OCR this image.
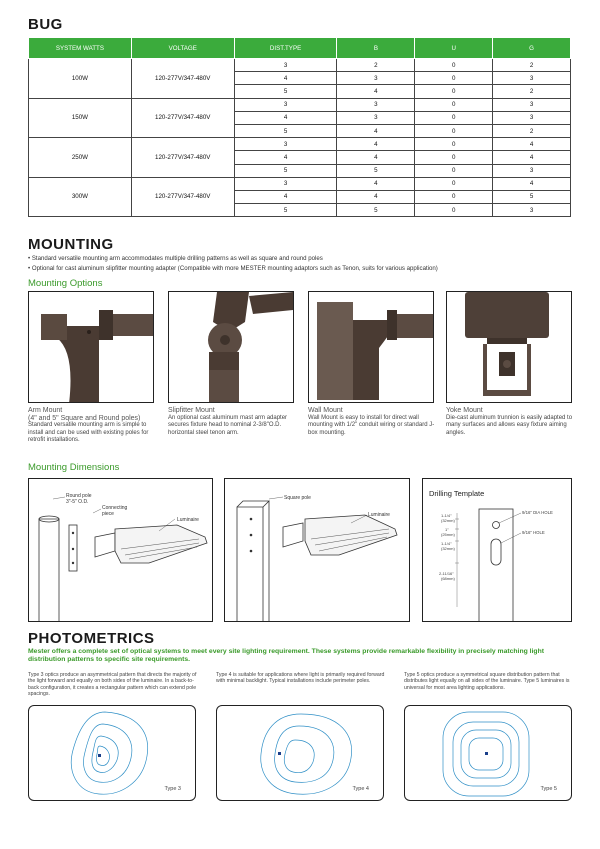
BUG
SYSTEM WATTS	VOLTAGE	DIST.TYPE	B	U	G
100W	120-277V/347-480V	3	2	0	2
		4	3	0	3
		5	4	0	2
150W	120-277V/347-480V	3	3	0	3
		4	3	0	3
		5	4	0	2
250W	120-277V/347-480V	3	4	0	4
		4	4	0	4
		5	5	0	3
300W	120-277V/347-480V	3	4	0	4
		4	4	0	5
		5	5	0	3
MOUNTING
• Standard versatile mounting arm accommodates multiple drilling patterns as well as square and round poles
• Optional for cast aluminum slipfitter mounting adapter (Compatible with more MESTER mounting adaptors such as Tenon, suits for various application)
Mounting Options
Arm Mount
(4" and 5" Square and Round poles)
Standard versatile mounting arm is simple to install and can be used with existing poles for retrofit installations.
Slipfitter Mount
An optional cast aluminum mast arm adapter secures fixture head to nominal 2-3/8"O.D. horizontal steel tenon arm.
Wall Mount
Wall Mount is easy to install for direct wall mounting with 1/2" conduit wiring or standard J-box mounting.
Yoke Mount
Die-cast aluminum trunnion is easily adapted to many surfaces and allows easy fixture aiming angles.
Mounting Dimensions
Round pole
3"-5" O.D.
Connecting
piece
Luminaire
Square pole
Luminaire
Drilling Template
1-1/4"
(32mm)
1"
(25mm)
1-1/4"
(32mm)
2-11/16"
(68mm)
9/16" DIA HOLE
9/16" HOLE
PHOTOMETRICS
Mester offers a complete set of optical systems to meet every site lighting requirement. These systems provide remarkable flexibility in precisely matching light distribution patterns to specific site requirements.
Type 3 optics produce an asymmetrical pattern that directs the majority of the light forward and equally on both sides of the luminaire. In a back-to-back configuration, it creates a rectangular pattern which can extend pole spacings.
Type 4 is suitable for applications where light is primarily required forward with minimal backlight. Typical installations include perimeter poles.
Type 5 optics produce a symmetrical square distribution pattern that distributes light equally on all sides of the luminaire. Type 5 luminaires is universal for most area lighting applications.
Type 3	Type 4	Type 5
